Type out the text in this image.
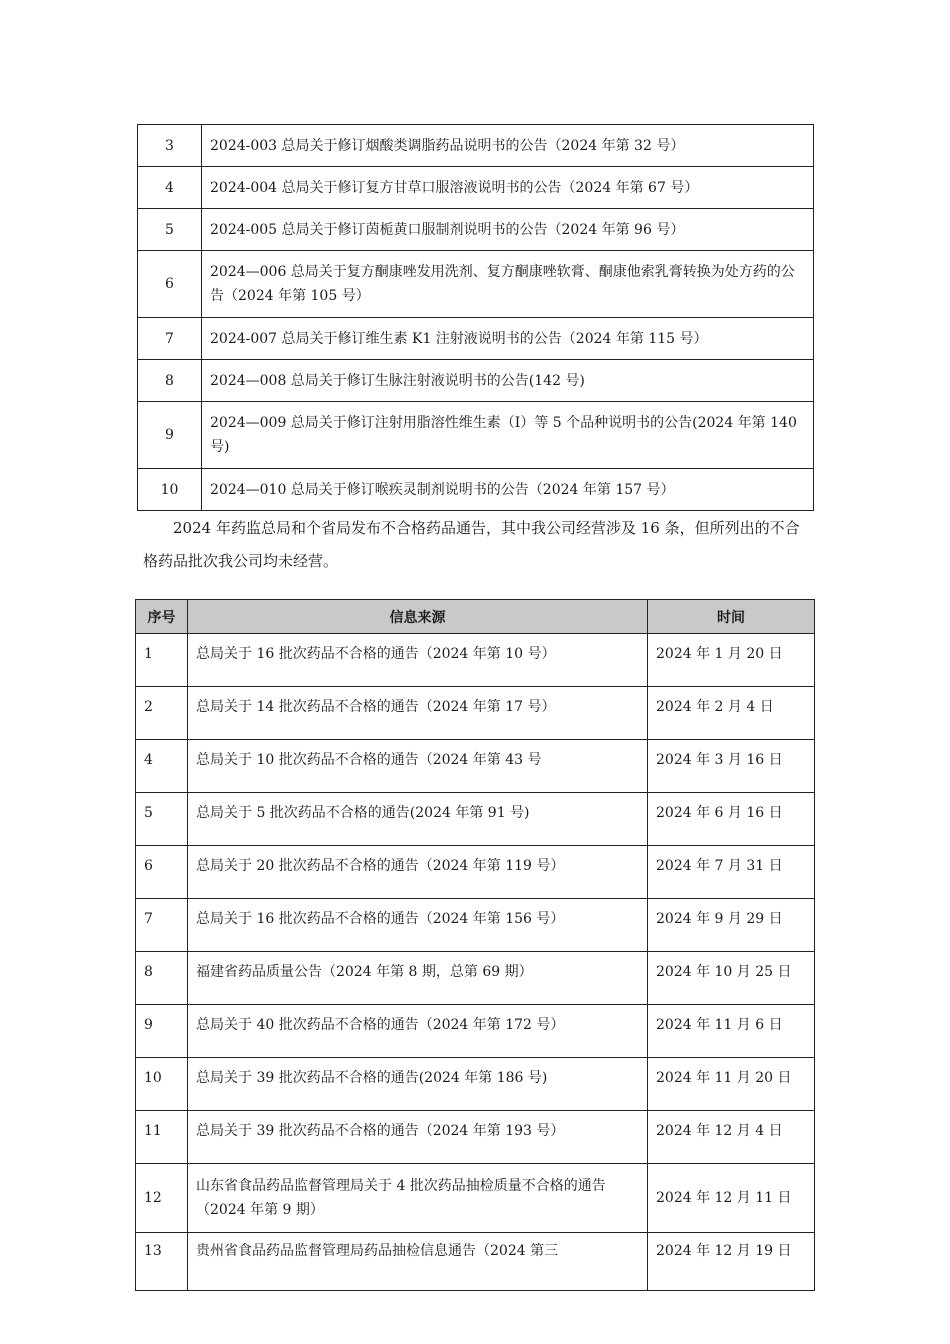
3	2024-003 总局关于修订烟酸类调脂药品说明书的公告（2024 年第 32 号）
4	2024-004 总局关于修订复方甘草口服溶液说明书的公告（2024 年第 67 号）
5	2024-005 总局关于修订茵栀黄口服制剂说明书的公告（2024 年第 96 号）
6	2024—006 总局关于复方酮康唑发用洗剂、复方酮康唑软膏、酮康他索乳膏转换为处方药的公告（2024 年第 105 号）
7	2024-007 总局关于修订维生素 K1 注射液说明书的公告（2024 年第 115 号）
8	2024—008 总局关于修订生脉注射液说明书的公告(142 号)
9	2024—009 总局关于修订注射用脂溶性维生素（Ⅰ）等 5 个品种说明书的公告(2024 年第 140 号)
10	2024—010 总局关于修订喉疾灵制剂说明书的公告（2024 年第 157 号）

2024 年药监总局和个省局发布不合格药品通告，其中我公司经营涉及 16 条，但所列出的不合格药品批次我公司均未经营。

序号	信息来源	时间
1	总局关于 16 批次药品不合格的通告（2024 年第 10 号）	2024 年 1 月 20 日
2	总局关于 14 批次药品不合格的通告（2024 年第 17 号）	2024 年 2 月 4 日
4	总局关于 10 批次药品不合格的通告（2024 年第 43 号	2024 年 3 月 16 日
5	总局关于 5 批次药品不合格的通告(2024 年第 91 号)	2024 年 6 月 16 日
6	总局关于 20 批次药品不合格的通告（2024 年第 119 号）	2024 年 7 月 31 日
7	总局关于 16 批次药品不合格的通告（2024 年第 156 号）	2024 年 9 月 29 日
8	福建省药品质量公告（2024 年第 8 期，总第 69 期）	2024 年 10 月 25 日
9	总局关于 40 批次药品不合格的通告（2024 年第 172 号）	2024 年 11 月 6 日
10	总局关于 39 批次药品不合格的通告(2024 年第 186 号)	2024 年 11 月 20 日
11	总局关于 39 批次药品不合格的通告（2024 年第 193 号）	2024 年 12 月 4 日
12	山东省食品药品监督管理局关于 4 批次药品抽检质量不合格的通告（2024 年第 9 期）	2024 年 12 月 11 日
13	贵州省食品药品监督管理局药品抽检信息通告（2024 第三	2024 年 12 月 19 日
